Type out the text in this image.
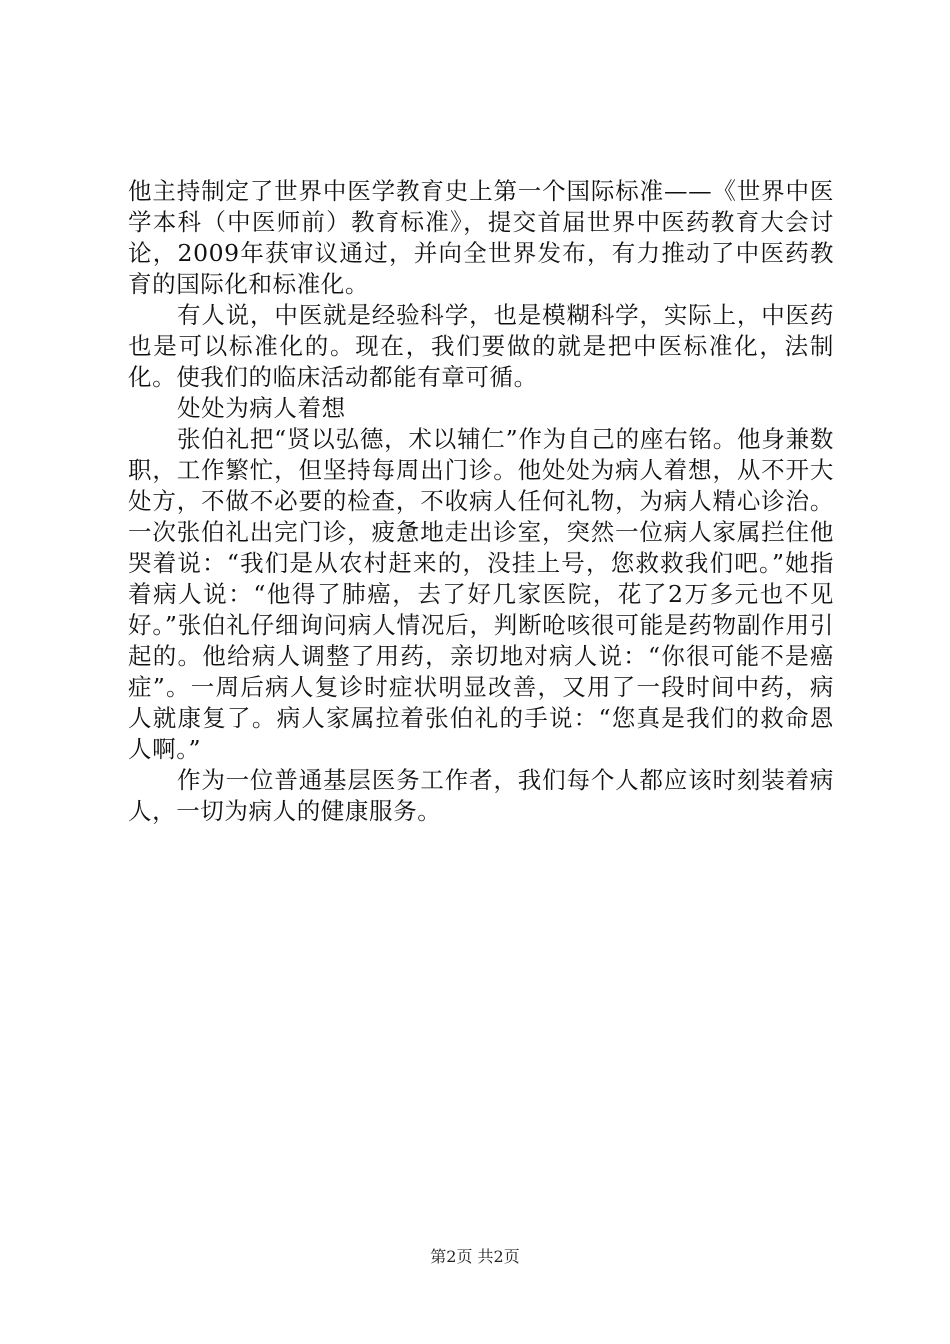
他主持制定了世界中医学教育史上第一个国际标准——《世界中医学本科（中医师前）教育标准》，提交首届世界中医药教育大会讨论，2009年获审议通过，并向全世界发布，有力推动了中医药教育的国际化和标准化。

有人说，中医就是经验科学，也是模糊科学，实际上，中医药也是可以标准化的。现在，我们要做的就是把中医标准化，法制化。使我们的临床活动都能有章可循。

处处为病人着想

张伯礼把“贤以弘德，术以辅仁”作为自己的座右铭。他身兼数职，工作繁忙，但坚持每周出门诊。他处处为病人着想，从不开大处方，不做不必要的检查，不收病人任何礼物，为病人精心诊治。一次张伯礼出完门诊，疲惫地走出诊室，突然一位病人家属拦住他哭着说：“我们是从农村赶来的，没挂上号，您救救我们吧。”她指着病人说：“他得了肺癌，去了好几家医院，花了2万多元也不见好。”张伯礼仔细询问病人情况后，判断呛咳很可能是药物副作用引起的。他给病人调整了用药，亲切地对病人说：“你很可能不是癌症”。一周后病人复诊时症状明显改善，又用了一段时间中药，病人就康复了。病人家属拉着张伯礼的手说：“您真是我们的救命恩人啊。”

作为一位普通基层医务工作者，我们每个人都应该时刻装着病人，一切为病人的健康服务。

第2页 共2页
